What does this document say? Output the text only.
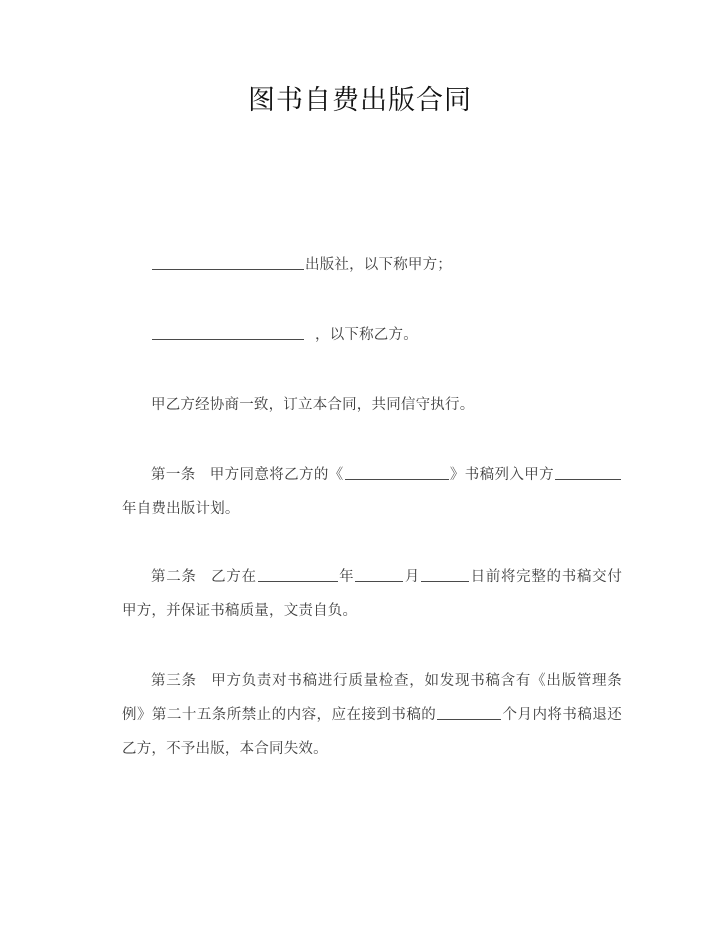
图书自费出版合同

出版社，以下称甲方；

，以下称乙方。

甲乙方经协商一致，订立本合同，共同信守执行。

第一条 甲方同意将乙方的《	》书稿列入甲方年自费出版计划。

第二条 乙方在	年	月	日前将完整的书稿交付甲方，并保证书稿质量，文责自负。

第三条 甲方负责对书稿进行质量检查，如发现书稿含有《出版管理条例》第二十五条所禁止的内容，应在接到书稿的	个月内将书稿退还乙方，不予出版，本合同失效。
